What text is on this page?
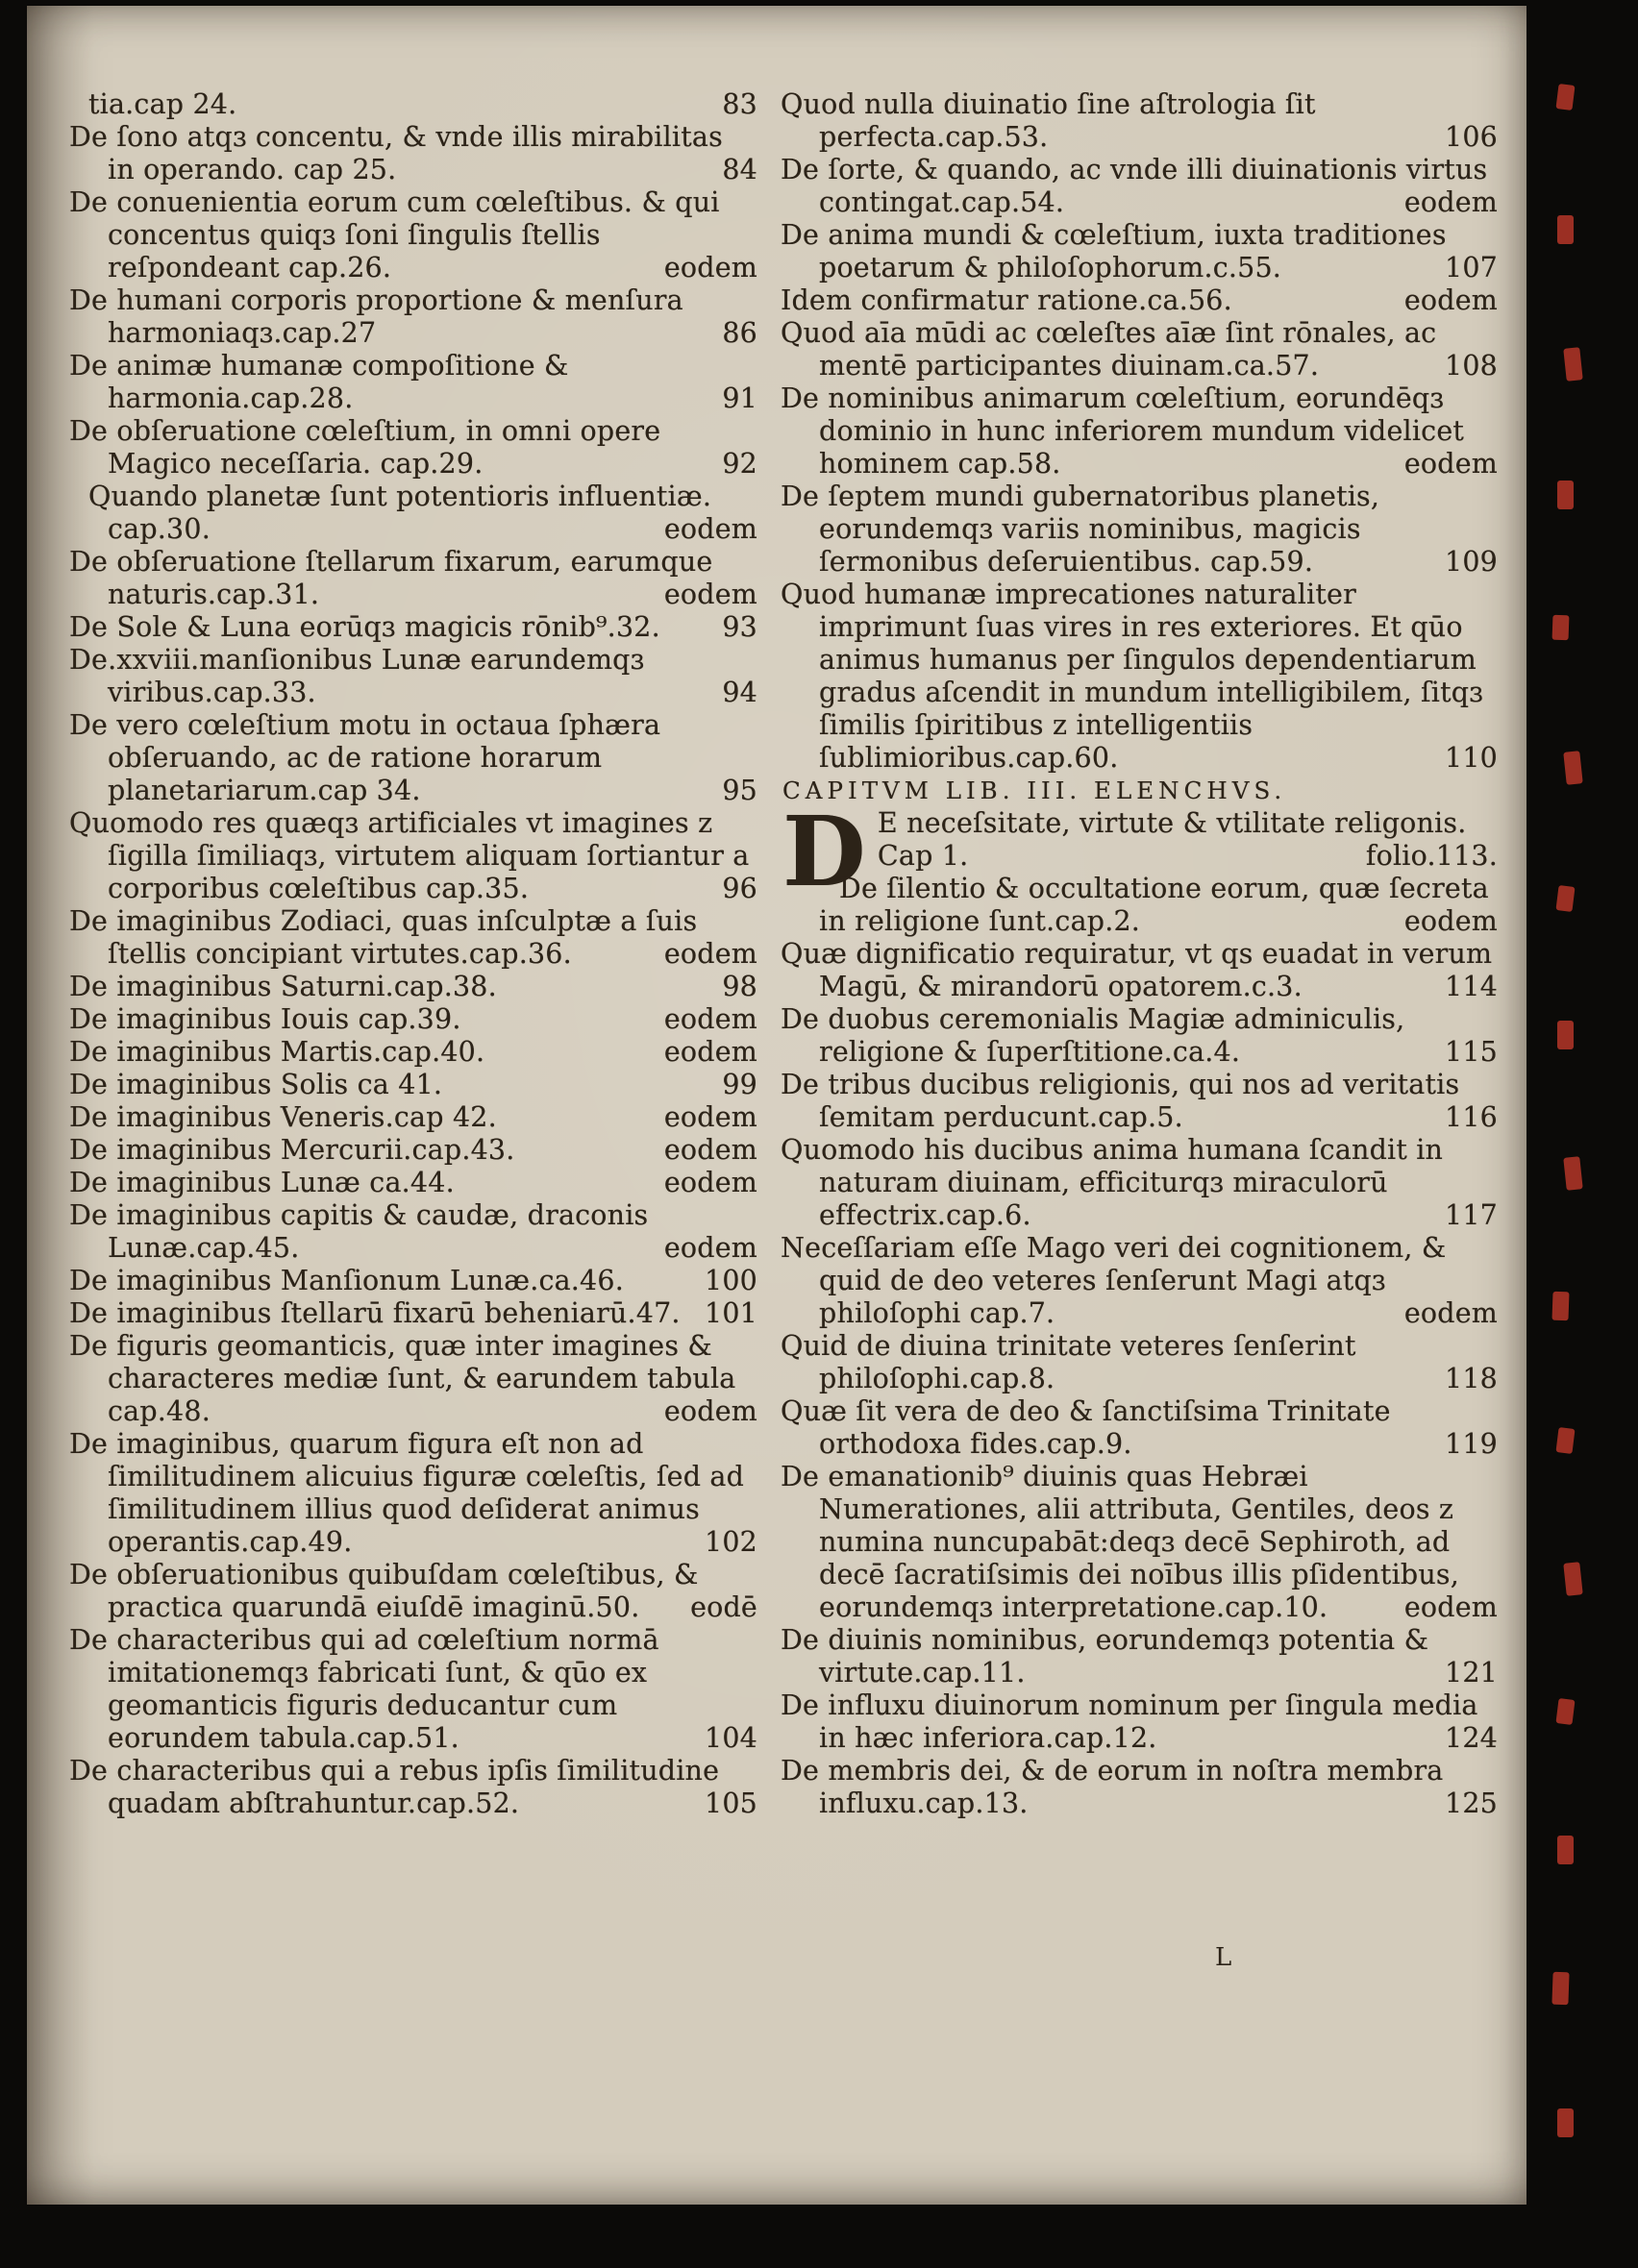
tia.cap 24.	83
De ſono atqɜ concentu, & vnde illis mirabilitas in operando. cap 25.	84
De conuenientia eorum cum cœleſtibus. & qui concentus quiqɜ ſoni ſingulis ſtellis reſpondeant cap.26.	eodem
De humani corporis proportione & menſura harmoniaqɜ.cap.27	86
De animæ humanæ compoſitione & harmonia.cap.28.	91
De obſeruatione cœleſtium, in omni opere Magico neceſſaria. cap.29.	92
Quando planetæ ſunt potentioris influentiæ. cap.30.	eodem
De obſeruatione ſtellarum fixarum, earumque naturis.cap.31.	eodem
De Sole & Luna eorūqɜ magicis rōnib⁹.32.	93
De.xxviii.manſionibus Lunæ earundemqɜ viribus.cap.33.	94
De vero cœleſtium motu in octaua ſphæra obſeruando, ac de ratione horarum planetariarum.cap 34.	95
Quomodo res quæqɜ artificiales vt imagines z ſigilla ſimiliaqɜ, virtutem aliquam ſortiantur a corporibus cœleſtibus cap.35.	96
De imaginibus Zodiaci, quas inſculptæ a ſuis ſtellis concipiant virtutes.cap.36.	eodem
De imaginibus Saturni.cap.38.	98
De imaginibus Iouis cap.39.	eodem
De imaginibus Martis.cap.40.	eodem
De imaginibus Solis ca 41.	99
De imaginibus Veneris.cap 42.	eodem
De imaginibus Mercurii.cap.43.	eodem
De imaginibus Lunæ ca.44.	eodem
De imaginibus capitis & caudæ, draconis Lunæ.cap.45.	eodem
De imaginibus Manſionum Lunæ.ca.46.	100
De imaginibus ſtellarū fixarū beheniarū.47. 101
De figuris geomanticis, quæ inter imagines & characteres mediæ ſunt, & earundem tabula cap.48.	eodem
De imaginibus, quarum figura eſt non ad ſimilitudinem alicuius figuræ cœleſtis, ſed ad ſimilitudinem illius quod deſiderat animus operantis.cap.49.	102
De obſeruationibus quibuſdam cœleſtibus, & practica quarundā eiuſdē imaginū.50.	eodē
De characteribus qui ad cœleſtium normā imitationemqɜ fabricati ſunt, & qūo ex geomanticis figuris deducantur cum eorundem tabula.cap.51.	104
De characteribus qui a rebus ipſis ſimilitudine quadam abſtrahuntur.cap.52.	105
Quod nulla diuinatio ſine aſtrologia ſit perfecta.cap.53.	106
De ſorte, & quando, ac vnde illi diuinationis virtus contingat.cap.54.	eodem
De anima mundi & cœleſtium, iuxta traditiones poetarum & philoſophorum.c.55.	107
Idem confirmatur ratione.ca.56.	eodem
Quod aīa mūdi ac cœleſtes aīæ ſint rōnales, ac mentē participantes diuinam.ca.57.	108
De nominibus animarum cœleſtium, eorundēqɜ dominio in hunc inferiorem mundum videlicet hominem cap.58.	eodem
De ſeptem mundi gubernatoribus planetis, eorundemqɜ variis nominibus, magicis ſermonibus deſeruientibus. cap.59.	109
Quod humanæ imprecationes naturaliter imprimunt ſuas vires in res exteriores. Et qūo animus humanus per ſingulos dependentiarum gradus aſcendit in mundum intelligibilem, ſitqɜ ſimilis ſpiritibus z intelligentiis ſublimioribus.cap.60.	110
CAPITVM LIB. III. ELENCHVS.
D E neceſsitate, virtute & vtilitate religonis. Cap 1.	folio.113.
De ſilentio & occultatione eorum, quæ ſecreta in religione ſunt.cap.2.	eodem
Quæ dignificatio requiratur, vt qs euadat in verum Magū, & mirandorū opatorem.c.3.	114
De duobus ceremonialis Magiæ adminiculis, religione & ſuperſtitione.ca.4.	115
De tribus ducibus religionis, qui nos ad veritatis ſemitam perducunt.cap.5.	116
Quomodo his ducibus anima humana ſcandit in naturam diuinam, efficiturqɜ miraculorū effectrix.cap.6.	117
Neceſſariam eſſe Mago veri dei cognitionem, & quid de deo veteres ſenſerunt Magi atqɜ philoſophi cap.7.	eodem
Quid de diuina trinitate veteres ſenſerint philoſophi.cap.8.	118
Quæ ſit vera de deo & ſanctiſsima Trinitate orthodoxa fides.cap.9.	119
De emanationib⁹ diuinis quas Hebræi Numerationes, alii attributa, Gentiles, deos z numina nuncupabāt:deqɜ decē Sephiroth, ad decē ſacratiſsimis dei noībus illis pſidentibus, eorundemqɜ interpretatione.cap.10.	eodem
De diuinis nominibus, eorundemqɜ potentia & virtute.cap.11.	121
De influxu diuinorum nominum per ſingula media in hæc inferiora.cap.12.	124
De membris dei, & de eorum in noſtra membra influxu.cap.13.	125
L
